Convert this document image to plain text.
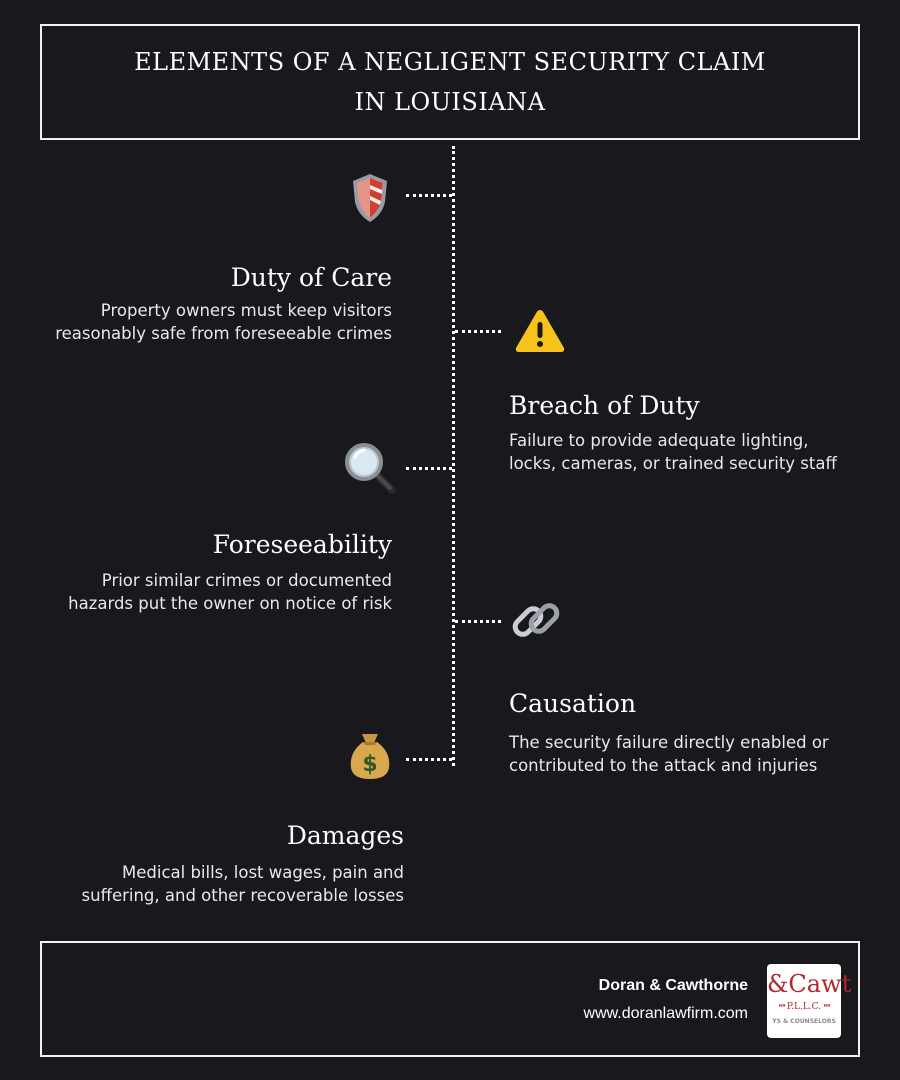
ELEMENTS OF A NEGLIGENT SECURITY CLAIM IN LOUISIANA
Duty of Care
Property owners must keep visitors reasonably safe from foreseeable crimes
Breach of Duty
Failure to provide adequate lighting, locks, cameras, or trained security staff
Foreseeability
Prior similar crimes or documented hazards put the owner on notice of risk
Causation
The security failure directly enabled or contributed to the attack and injuries
$
Damages
Medical bills, lost wages, pain and suffering, and other recoverable losses
Doran & Cawthorne
www.doranlawfirm.com
&Cawt
⁌⁍ P.L.L.C. ⁌⁍
YS & COUNSELORS
